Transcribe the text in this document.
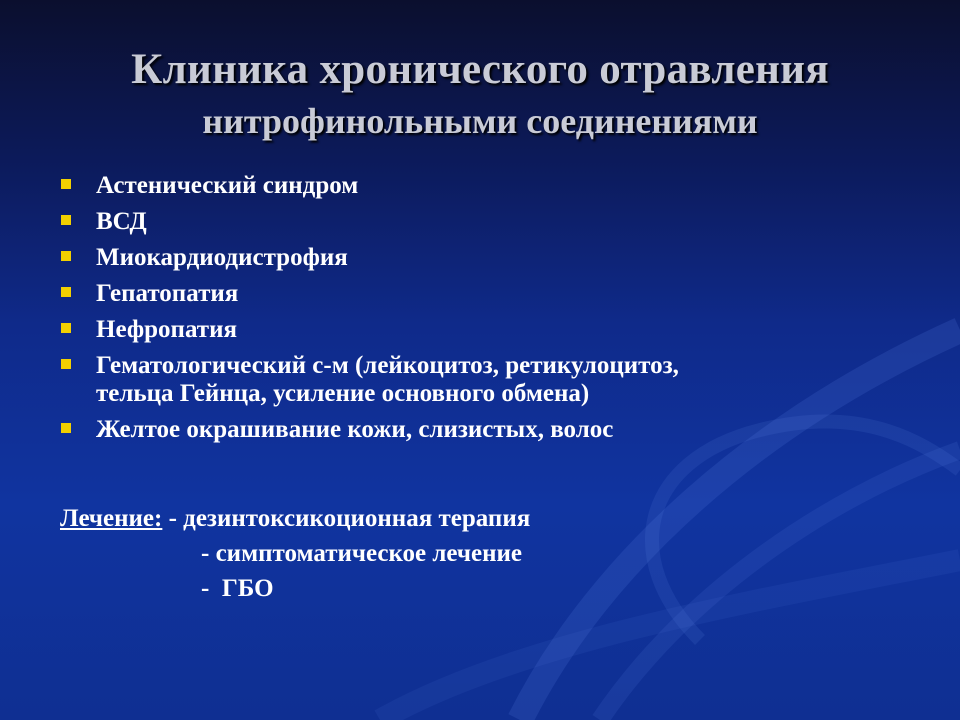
Клиника хронического отравления
нитрофинольными соединениями
Астенический синдром
ВСД
Миокардиодистрофия
Гепатопатия
Нефропатия
Гематологический с-м (лейкоцитоз, ретикулоцитоз,
тельца Гейнца, усиление основного обмена)
Желтое окрашивание кожи, слизистых, волос
Лечение: - дезинтоксикоционная терапия
- симптоматическое лечение
-  ГБО
